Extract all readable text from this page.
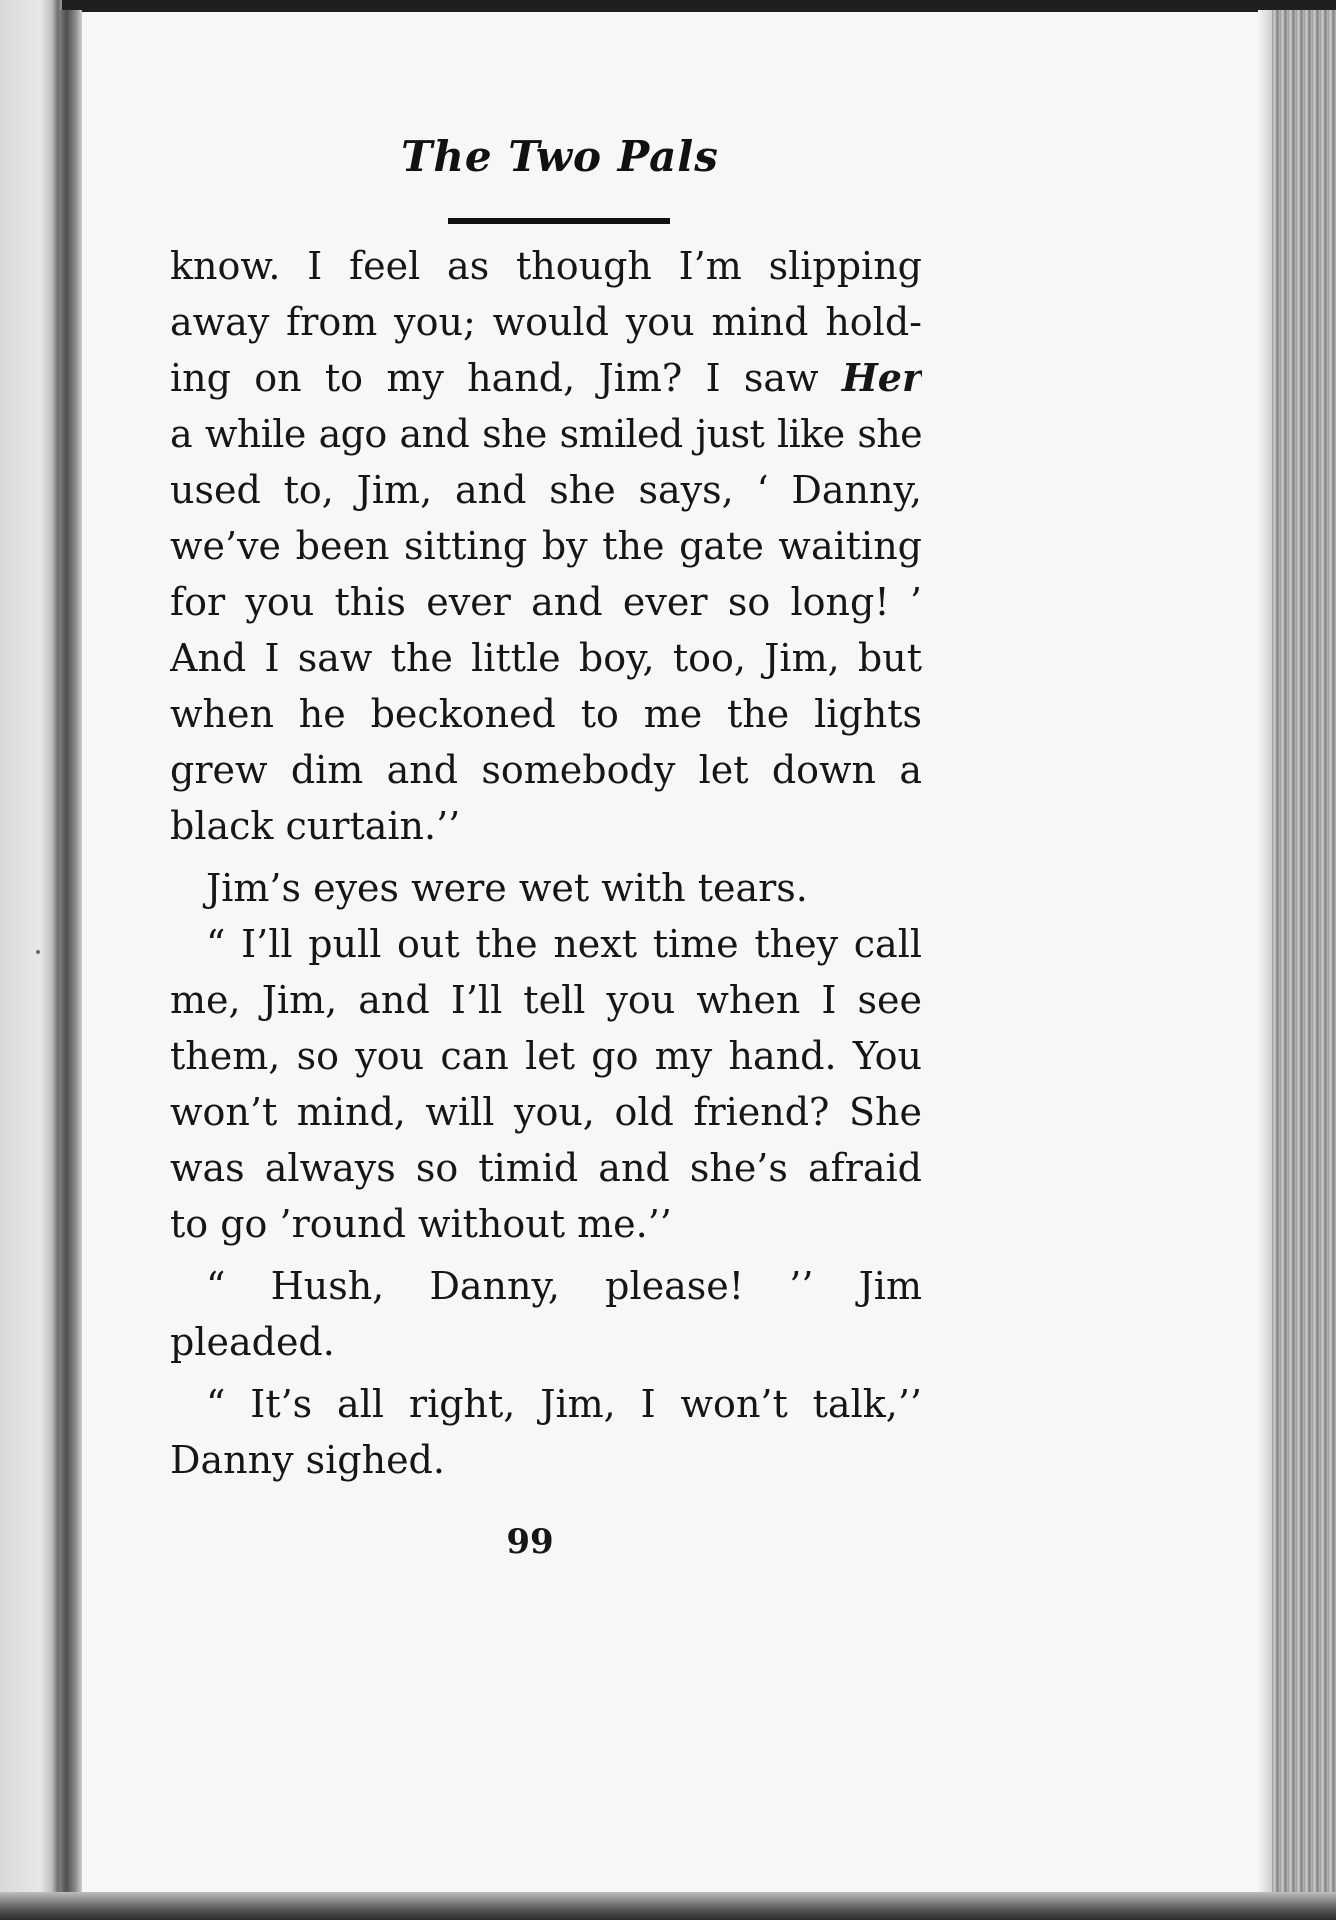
The Two Pals
know. I feel as though I’m slipping
away from you; would you mind hold-
ing on to my hand, Jim? I saw Her
a while ago and she smiled just like she
used to, Jim, and she says, ‘ Danny,
we’ve been sitting by the gate waiting
for you this ever and ever so long! ’
And I saw the little boy, too, Jim, but
when he beckoned to me the lights
grew dim and somebody let down a
black curtain.’’
Jim’s eyes were wet with tears.
“ I’ll pull out the next time they call
me, Jim, and I’ll tell you when I see
them, so you can let go my hand. You
won’t mind, will you, old friend? She
was always so timid and she’s afraid
to go ’round without me.’’
“ Hush, Danny, please! ’’ Jim
pleaded.
“ It’s all right, Jim, I won’t talk,’’
Danny sighed.
99
